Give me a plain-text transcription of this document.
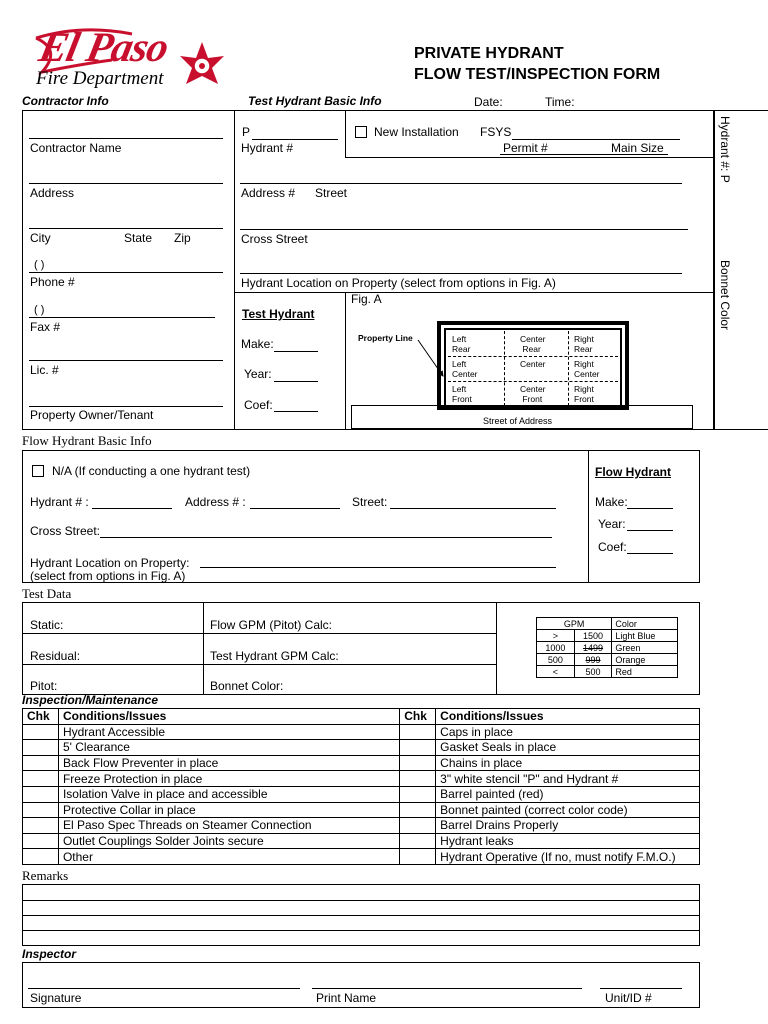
El Paso
Fire Department
PRIVATE HYDRANT
FLOW TEST/INSPECTION FORM
Contractor Info	Test Hydrant Basic Info	Date:	Time:
Hydrant #: P
Bonnet Color
Contractor Name
Address
City	State Zip
( )
Phone #
( )
Fax #
Lic. #
Property Owner/Tenant
P
Hydrant #
New Installation FSYS
Permit #	Main Size
Address # Street
Cross Street
Hydrant Location on Property (select from options in Fig. A)
Test Hydrant
Make:
Year:
Coef:
Fig. A
Property Line	Left
Rear
Center
Rear
Right
Rear
Left
Center
Center	Right
Center
Left
Front
Center
Front
Right
Front
Street of Address
Flow Hydrant Basic Info
N/A (If conducting a one hydrant test)
Hydrant # :	Address # :	Street:
Cross Street:
Hydrant Location on Property:
(select from options in Fig. A)
Flow Hydrant
Make:
Year:
Coef:
Test Data
Static:
Residual:
Pitot:
Flow GPM (Pitot) Calc:
Test Hydrant GPM Calc:
Bonnet Color:
GPM		Color
>	1500	Light Blue
1000	1499	Green
500	999	Orange
<	500	Red
Inspection/Maintenance
Chk	Conditions/Issues	Chk	Conditions/Issues
	Hydrant Accessible		Caps in place
	5' Clearance		Gasket Seals in place
	Back Flow Preventer in place		Chains in place
	Freeze Protection in place		3" white stencil "P" and Hydrant #
	Isolation Valve in place and accessible		Barrel painted (red)
	Protective Collar in place		Bonnet painted (correct color code)
	El Paso Spec Threads on Steamer Connection		Barrel Drains Properly
	Outlet Couplings Solder Joints secure		Hydrant leaks
	Other		Hydrant Operative (If no, must notify F.M.O.)
Remarks
Inspector
Signature	Print Name	Unit/ID #
